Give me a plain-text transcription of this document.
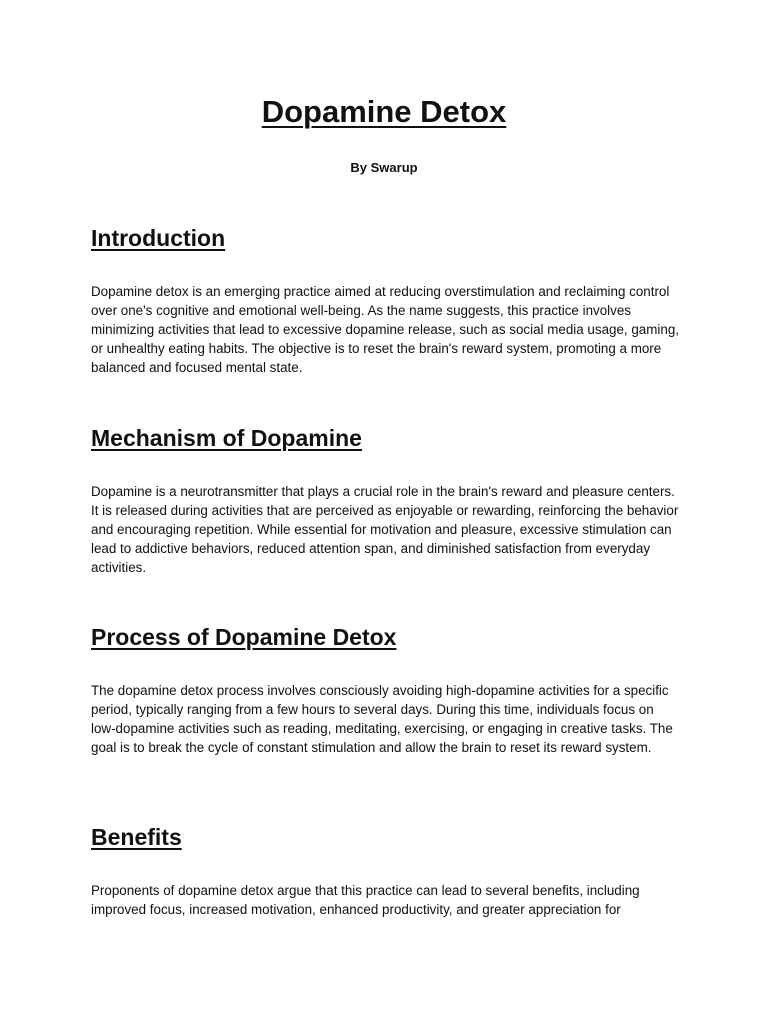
Dopamine Detox
By Swarup
Introduction

Dopamine detox is an emerging practice aimed at reducing overstimulation and reclaiming control over one's cognitive and emotional well-being. As the name suggests, this practice involves minimizing activities that lead to excessive dopamine release, such as social media usage, gaming, or unhealthy eating habits. The objective is to reset the brain's reward system, promoting a more balanced and focused mental state.

Mechanism of Dopamine

Dopamine is a neurotransmitter that plays a crucial role in the brain's reward and pleasure centers. It is released during activities that are perceived as enjoyable or rewarding, reinforcing the behavior and encouraging repetition. While essential for motivation and pleasure, excessive stimulation can lead to addictive behaviors, reduced attention span, and diminished satisfaction from everyday activities.

Process of Dopamine Detox

The dopamine detox process involves consciously avoiding high-dopamine activities for a specific period, typically ranging from a few hours to several days. During this time, individuals focus on low-dopamine activities such as reading, meditating, exercising, or engaging in creative tasks. The goal is to break the cycle of constant stimulation and allow the brain to reset its reward system.

Benefits

Proponents of dopamine detox argue that this practice can lead to several benefits, including improved focus, increased motivation, enhanced productivity, and greater appreciation for
